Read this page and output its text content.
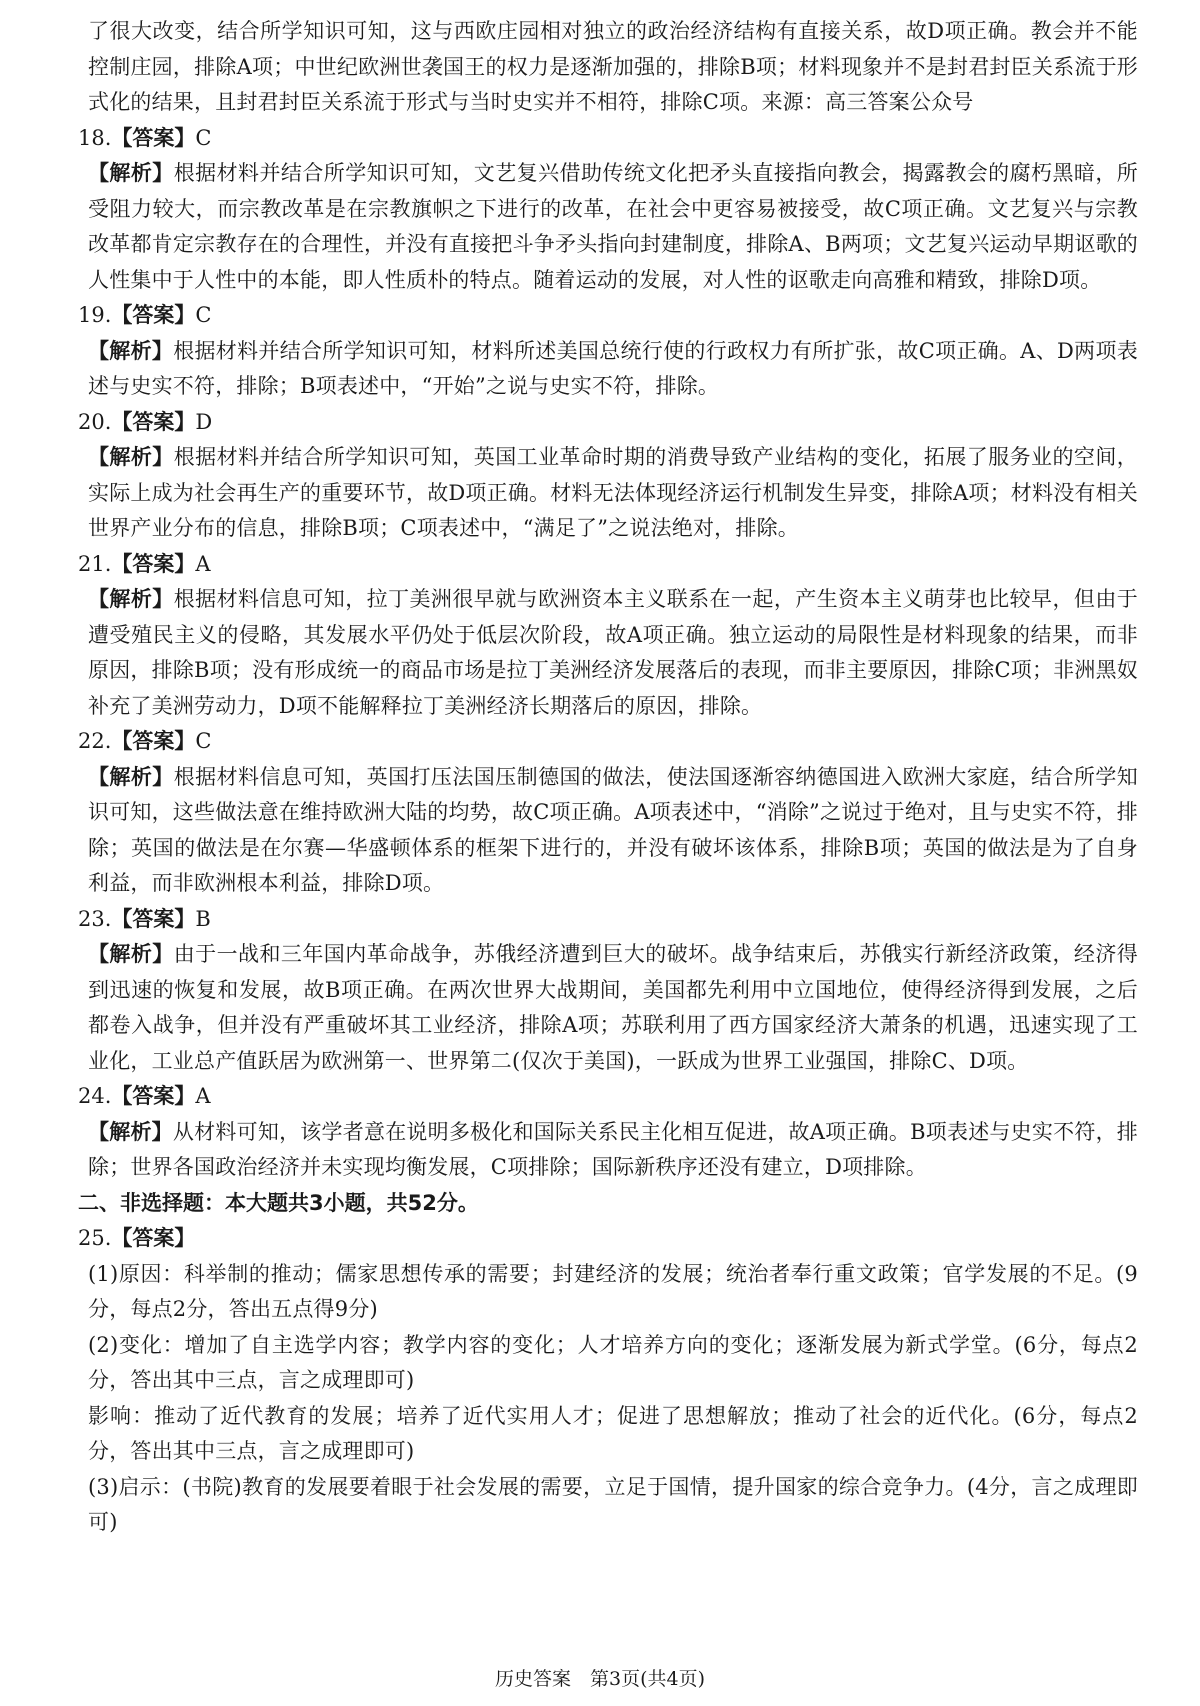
了很大改变，结合所学知识可知，这与西欧庄园相对独立的政治经济结构有直接关系，故D项正确。教会并不能控制庄园，排除A项；中世纪欧洲世袭国王的权力是逐渐加强的，排除B项；材料现象并不是封君封臣关系流于形式化的结果，且封君封臣关系流于形式与当时史实并不相符，排除C项。来源：高三答案公众号

18.【答案】C

【解析】根据材料并结合所学知识可知，文艺复兴借助传统文化把矛头直接指向教会，揭露教会的腐朽黑暗，所受阻力较大，而宗教改革是在宗教旗帜之下进行的改革，在社会中更容易被接受，故C项正确。文艺复兴与宗教改革都肯定宗教存在的合理性，并没有直接把斗争矛头指向封建制度，排除A、B两项；文艺复兴运动早期讴歌的人性集中于人性中的本能，即人性质朴的特点。随着运动的发展，对人性的讴歌走向高雅和精致，排除D项。

19.【答案】C

【解析】根据材料并结合所学知识可知，材料所述美国总统行使的行政权力有所扩张，故C项正确。A、D两项表述与史实不符，排除；B项表述中，“开始”之说与史实不符，排除。

20.【答案】D

【解析】根据材料并结合所学知识可知，英国工业革命时期的消费导致产业结构的变化，拓展了服务业的空间，实际上成为社会再生产的重要环节，故D项正确。材料无法体现经济运行机制发生异变，排除A项；材料没有相关世界产业分布的信息，排除B项；C项表述中，“满足了”之说法绝对，排除。

21.【答案】A

【解析】根据材料信息可知，拉丁美洲很早就与欧洲资本主义联系在一起，产生资本主义萌芽也比较早，但由于遭受殖民主义的侵略，其发展水平仍处于低层次阶段，故A项正确。独立运动的局限性是材料现象的结果，而非原因，排除B项；没有形成统一的商品市场是拉丁美洲经济发展落后的表现，而非主要原因，排除C项；非洲黑奴补充了美洲劳动力，D项不能解释拉丁美洲经济长期落后的原因，排除。

22.【答案】C

【解析】根据材料信息可知，英国打压法国压制德国的做法，使法国逐渐容纳德国进入欧洲大家庭，结合所学知识可知，这些做法意在维持欧洲大陆的均势，故C项正确。A项表述中，“消除”之说过于绝对，且与史实不符，排除；英国的做法是在尔赛—华盛顿体系的框架下进行的，并没有破坏该体系，排除B项；英国的做法是为了自身利益，而非欧洲根本利益，排除D项。

23.【答案】B

【解析】由于一战和三年国内革命战争，苏俄经济遭到巨大的破坏。战争结束后，苏俄实行新经济政策，经济得到迅速的恢复和发展，故B项正确。在两次世界大战期间，美国都先利用中立国地位，使得经济得到发展，之后都卷入战争，但并没有严重破坏其工业经济，排除A项；苏联利用了西方国家经济大萧条的机遇，迅速实现了工业化，工业总产值跃居为欧洲第一、世界第二(仅次于美国)，一跃成为世界工业强国，排除C、D项。

24.【答案】A

【解析】从材料可知，该学者意在说明多极化和国际关系民主化相互促进，故A项正确。B项表述与史实不符，排除；世界各国政治经济并未实现均衡发展，C项排除；国际新秩序还没有建立，D项排除。

二、非选择题：本大题共3小题，共52分。

25.【答案】

(1)原因：科举制的推动；儒家思想传承的需要；封建经济的发展；统治者奉行重文政策；官学发展的不足。(9分，每点2分，答出五点得9分)

(2)变化：增加了自主选学内容；教学内容的变化；人才培养方向的变化；逐渐发展为新式学堂。(6分，每点2分，答出其中三点，言之成理即可)

影响：推动了近代教育的发展；培养了近代实用人才；促进了思想解放；推动了社会的近代化。(6分，每点2分，答出其中三点，言之成理即可)

(3)启示：(书院)教育的发展要着眼于社会发展的需要，立足于国情，提升国家的综合竞争力。(4分，言之成理即可)

历史答案　第3页(共4页)
